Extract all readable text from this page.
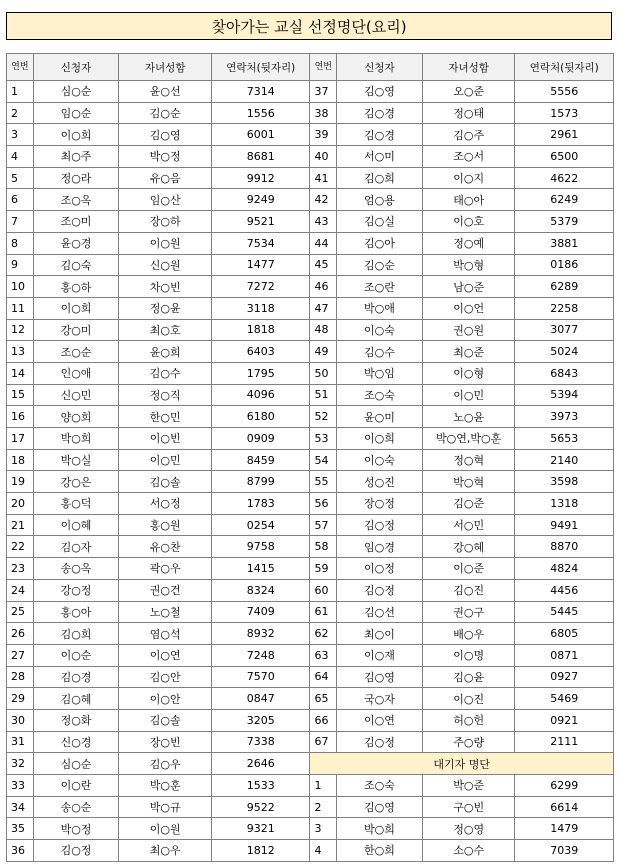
찾아가는 교실 선정명단(요리)
연번	신청자	자녀성함	연락처(뒷자리)	연번	신청자	자녀성함	연락처(뒷자리)
1	심○순	윤○선	7314	37	김○영	오○준	5556
2	임○순	김○순	1556	38	김○경	정○태	1573
3	이○희	김○영	6001	39	김○경	김○주	2961
4	최○주	박○정	8681	40	서○미	조○서	6500
5	정○라	유○음	9912	41	김○희	이○지	4622
6	조○옥	임○산	9249	42	엄○용	태○아	6249
7	조○미	장○하	9521	43	김○실	이○호	5379
8	윤○경	이○원	7534	44	김○아	정○예	3881
9	김○숙	신○원	1477	45	김○순	박○형	0186
10	홍○하	차○빈	7272	46	조○란	남○준	6289
11	이○희	정○윤	3118	47	박○애	이○언	2258
12	강○미	최○호	1818	48	이○숙	권○원	3077
13	조○순	윤○희	6403	49	김○수	최○준	5024
14	인○애	김○수	1795	50	박○임	이○형	6843
15	신○민	정○직	4096	51	조○숙	이○민	5394
16	양○희	한○민	6180	52	윤○미	노○윤	3973
17	박○희	이○빈	0909	53	이○희	박○연,박○훈	5653
18	박○실	이○민	8459	54	이○숙	정○혁	2140
19	강○은	김○솔	8799	55	성○진	박○혁	3598
20	홍○덕	서○정	1783	56	장○정	김○준	1318
21	이○혜	홍○원	0254	57	김○정	서○민	9491
22	김○자	유○찬	9758	58	임○경	강○혜	8870
23	송○옥	곽○우	1415	59	이○정	이○준	4824
24	강○정	권○건	8324	60	김○정	김○진	4456
25	홍○아	노○철	7409	61	김○선	권○구	5445
26	김○희	염○석	8932	62	최○이	배○우	6805
27	이○순	이○연	7248	63	이○재	이○명	0871
28	김○경	김○안	7570	64	김○영	김○윤	0927
29	김○혜	이○안	0847	65	국○자	이○진	5469
30	정○화	김○솔	3205	66	이○연	허○헌	0921
31	신○경	장○빈	7338	67	김○정	주○량	2111
32	심○순	김○우	2646	대기자 명단			
33	이○란	박○훈	1533	1	조○숙	박○준	6299
34	송○순	박○규	9522	2	김○영	구○빈	6614
35	박○정	이○원	9321	3	박○희	정○영	1479
36	김○정	최○우	1812	4	한○희	소○수	7039
